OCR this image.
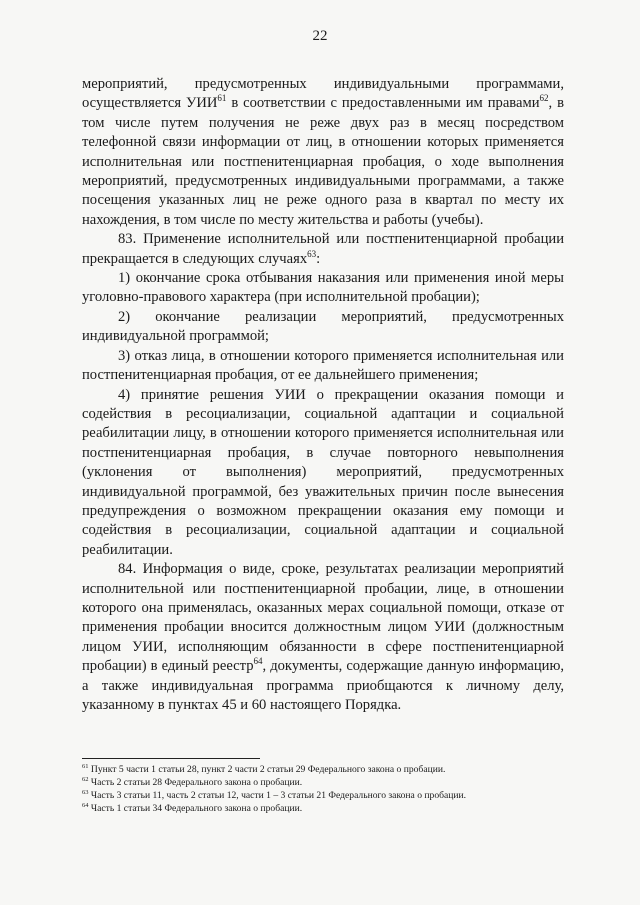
22

мероприятий, предусмотренных индивидуальными программами, осуществляется УИИ$^{61}$ в соответствии с предоставленными им правами$^{62}$, в том числе путем получения не реже двух раз в месяц посредством телефонной связи информации от лиц, в отношении которых применяется исполнительная или постпенитенциарная пробация, о ходе выполнения мероприятий, предусмотренных индивидуальными программами, а также посещения указанных лиц не реже одного раза в квартал по месту их нахождения, в том числе по месту жительства и работы (учебы).

83. Применение исполнительной или постпенитенциарной пробации прекращается в следующих случаях$^{63}$:

1) окончание срока отбывания наказания или применения иной меры уголовно-правового характера (при исполнительной пробации);

2) окончание реализации мероприятий, предусмотренных индивидуальной программой;

3) отказ лица, в отношении которого применяется исполнительная или постпенитенциарная пробация, от ее дальнейшего применения;

4) принятие решения УИИ о прекращении оказания помощи и содействия в ресоциализации, социальной адаптации и социальной реабилитации лицу, в отношении которого применяется исполнительная или постпенитенциарная пробация, в случае повторного невыполнения (уклонения от выполнения) мероприятий, предусмотренных индивидуальной программой, без уважительных причин после вынесения предупреждения о возможном прекращении оказания ему помощи и содействия в ресоциализации, социальной адаптации и социальной реабилитации.

84. Информация о виде, сроке, результатах реализации мероприятий исполнительной или постпенитенциарной пробации, лице, в отношении которого она применялась, оказанных мерах социальной помощи, отказе от применения пробации вносится должностным лицом УИИ (должностным лицом УИИ, исполняющим обязанности в сфере постпенитенциарной пробации) в единый реестр$^{64}$, документы, содержащие данную информацию, а также индивидуальная программа приобщаются к личному делу, указанному в пунктах 45 и 60 настоящего Порядка.

$^{61}$ Пункт 5 части 1 статьи 28, пункт 2 части 2 статьи 29 Федерального закона о пробации.
$^{62}$ Часть 2 статьи 28 Федерального закона о пробации.
$^{63}$ Часть 3 статьи 11, часть 2 статьи 12, части 1 – 3 статьи 21 Федерального закона о пробации.
$^{64}$ Часть 1 статьи 34 Федерального закона о пробации.
